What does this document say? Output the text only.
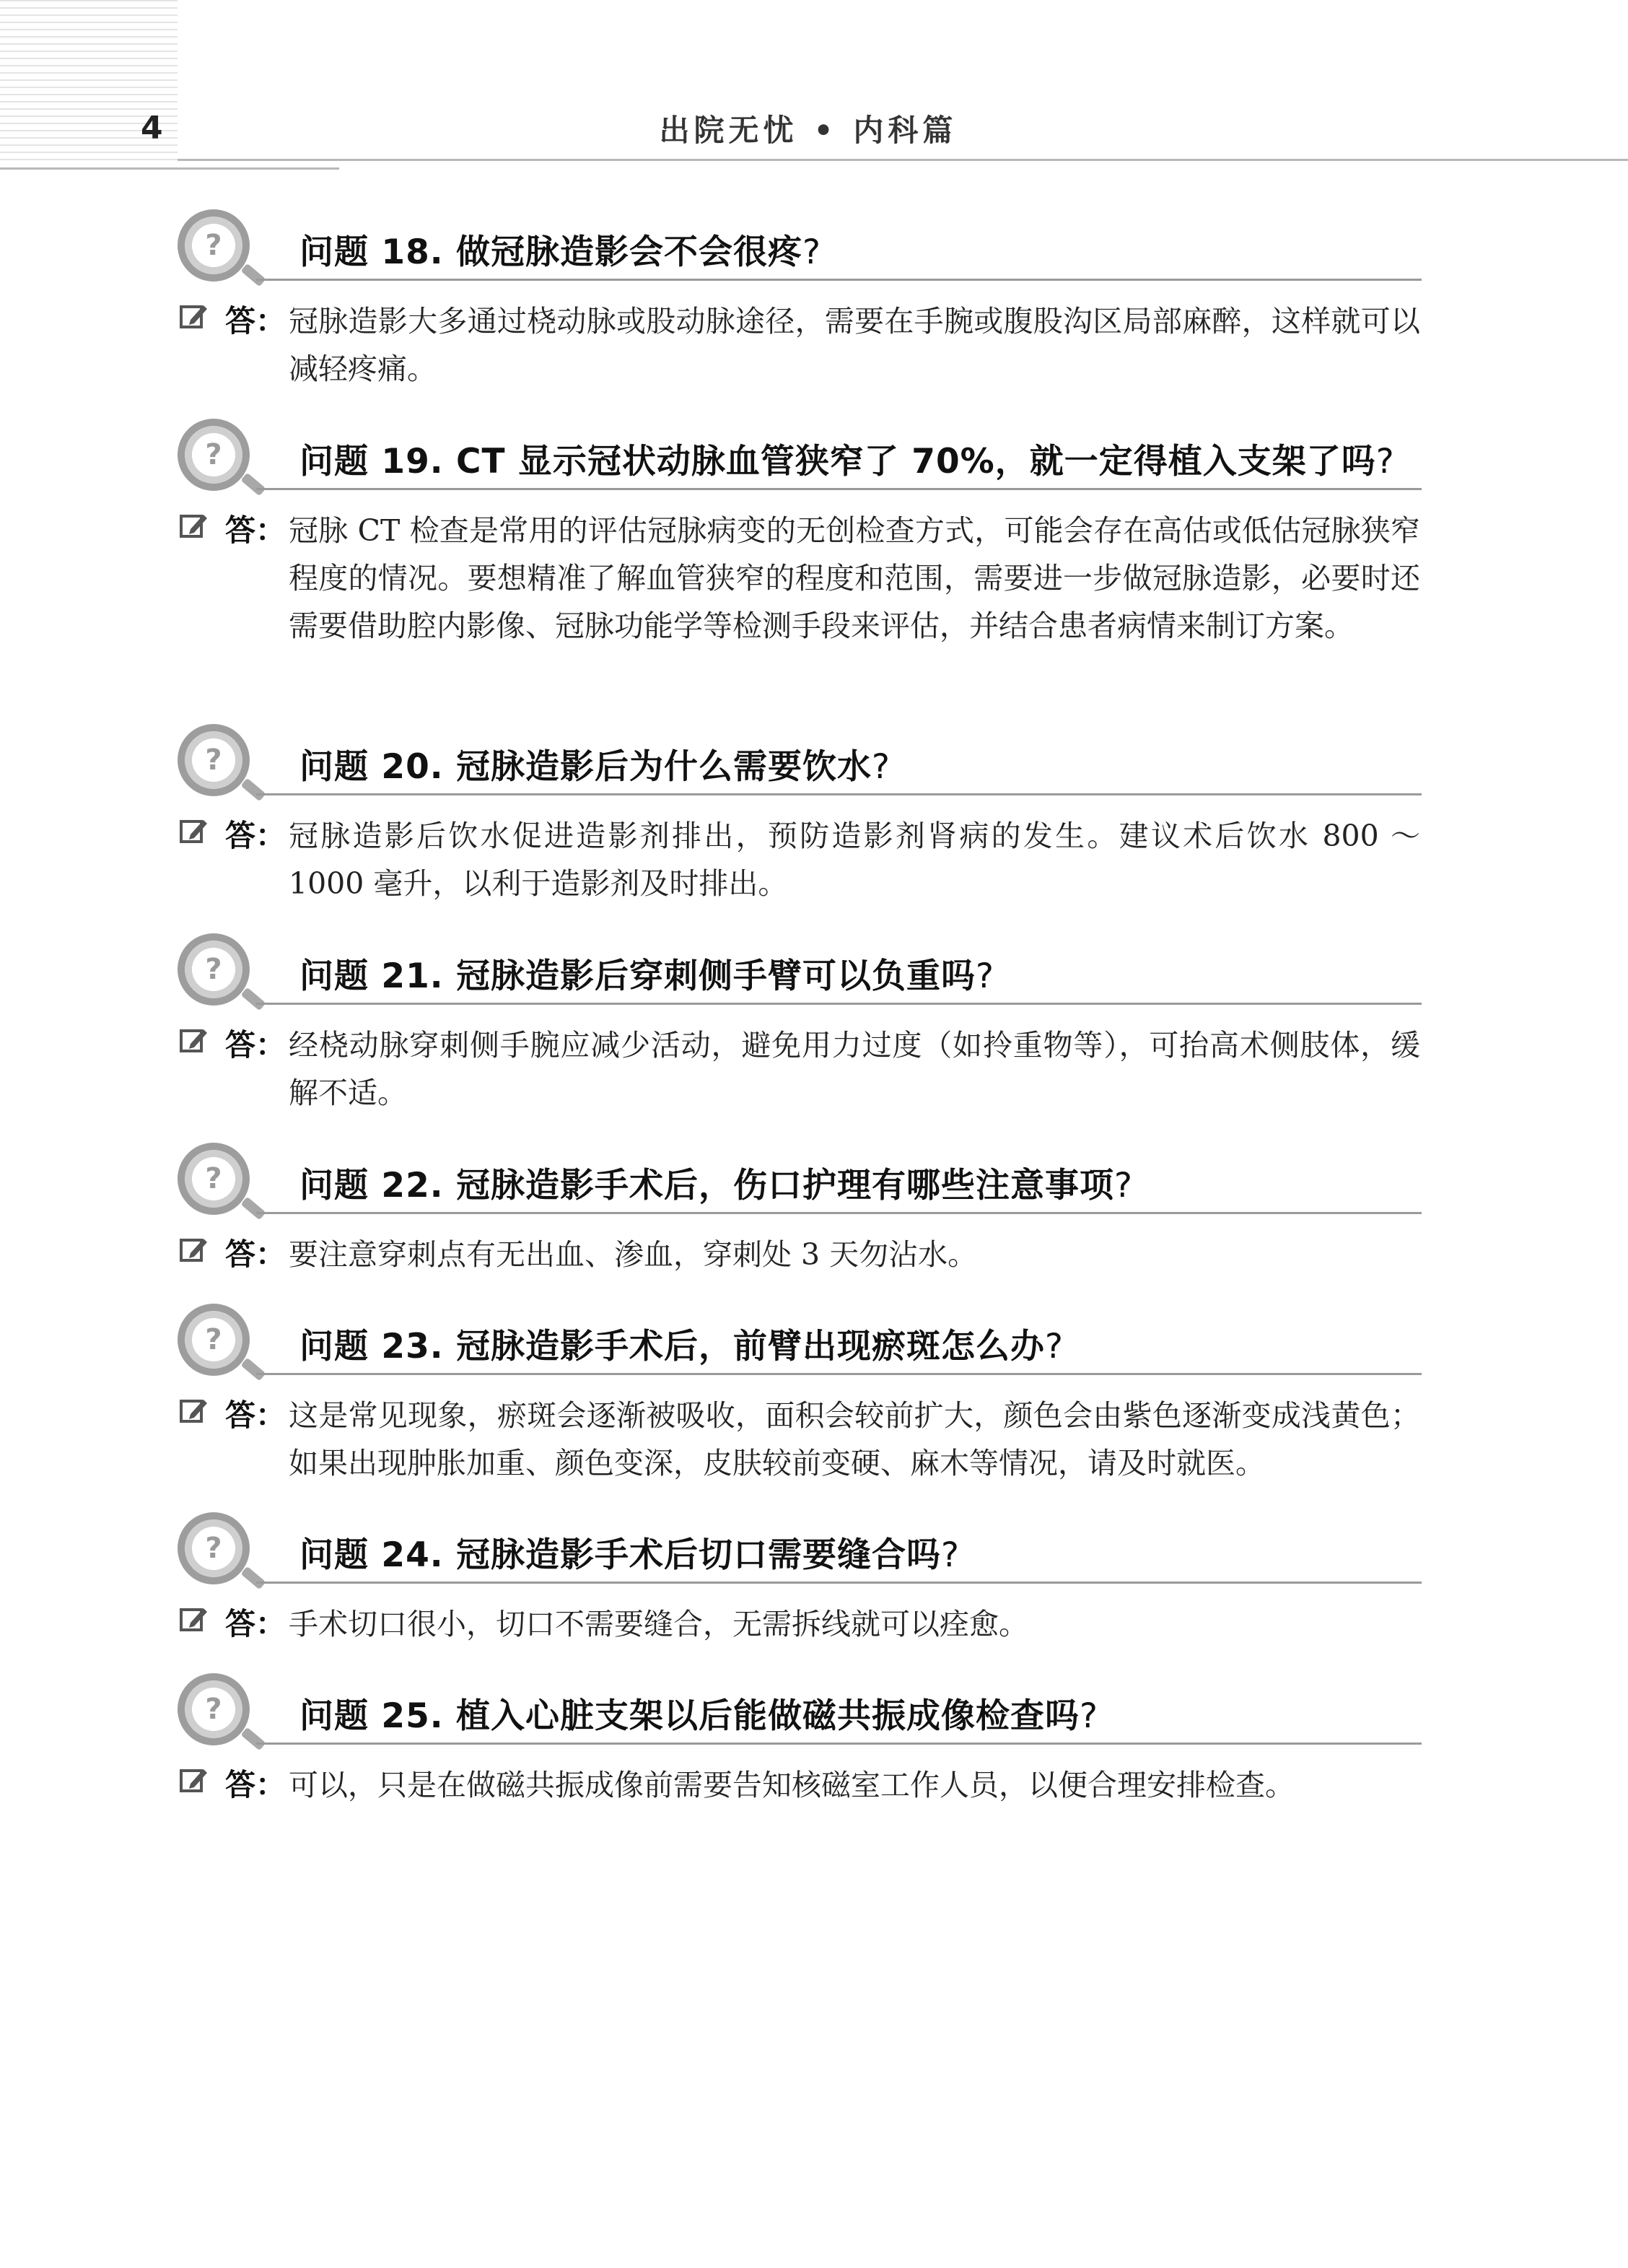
4	出院无忧 • 内科篇
?	问题 18. 做冠脉造影会不会很疼?
答： 冠脉造影大多通过桡动脉或股动脉途径，需要在手腕或腹股沟区局部麻醉，这样就可以减轻疼痛。
?	问题 19. CT 显示冠状动脉血管狭窄了 70%，就一定得植入支架了吗?
答： 冠脉 CT 检查是常用的评估冠脉病变的无创检查方式，可能会存在高估或低估冠脉狭窄程度的情况。要想精准了解血管狭窄的程度和范围，需要进一步做冠脉造影，必要时还需要借助腔内影像、冠脉功能学等检测手段来评估，并结合患者病情来制订方案。
?	问题 20. 冠脉造影后为什么需要饮水?
答： 冠脉造影后饮水促进造影剂排出，预防造影剂肾病的发生。建议术后饮水 800 ～ 1000 毫升，以利于造影剂及时排出。
?	问题 21. 冠脉造影后穿刺侧手臂可以负重吗?
答： 经桡动脉穿刺侧手腕应减少活动，避免用力过度（如拎重物等），可抬高术侧肢体，缓解不适。
?	问题 22. 冠脉造影手术后，伤口护理有哪些注意事项?
答： 要注意穿刺点有无出血、渗血，穿刺处 3 天勿沾水。
?	问题 23. 冠脉造影手术后，前臂出现瘀斑怎么办?
答： 这是常见现象，瘀斑会逐渐被吸收，面积会较前扩大，颜色会由紫色逐渐变成浅黄色；如果出现肿胀加重、颜色变深，皮肤较前变硬、麻木等情况，请及时就医。
?	问题 24. 冠脉造影手术后切口需要缝合吗?
答： 手术切口很小，切口不需要缝合，无需拆线就可以痊愈。
?	问题 25. 植入心脏支架以后能做磁共振成像检查吗?
答： 可以，只是在做磁共振成像前需要告知核磁室工作人员，以便合理安排检查。
